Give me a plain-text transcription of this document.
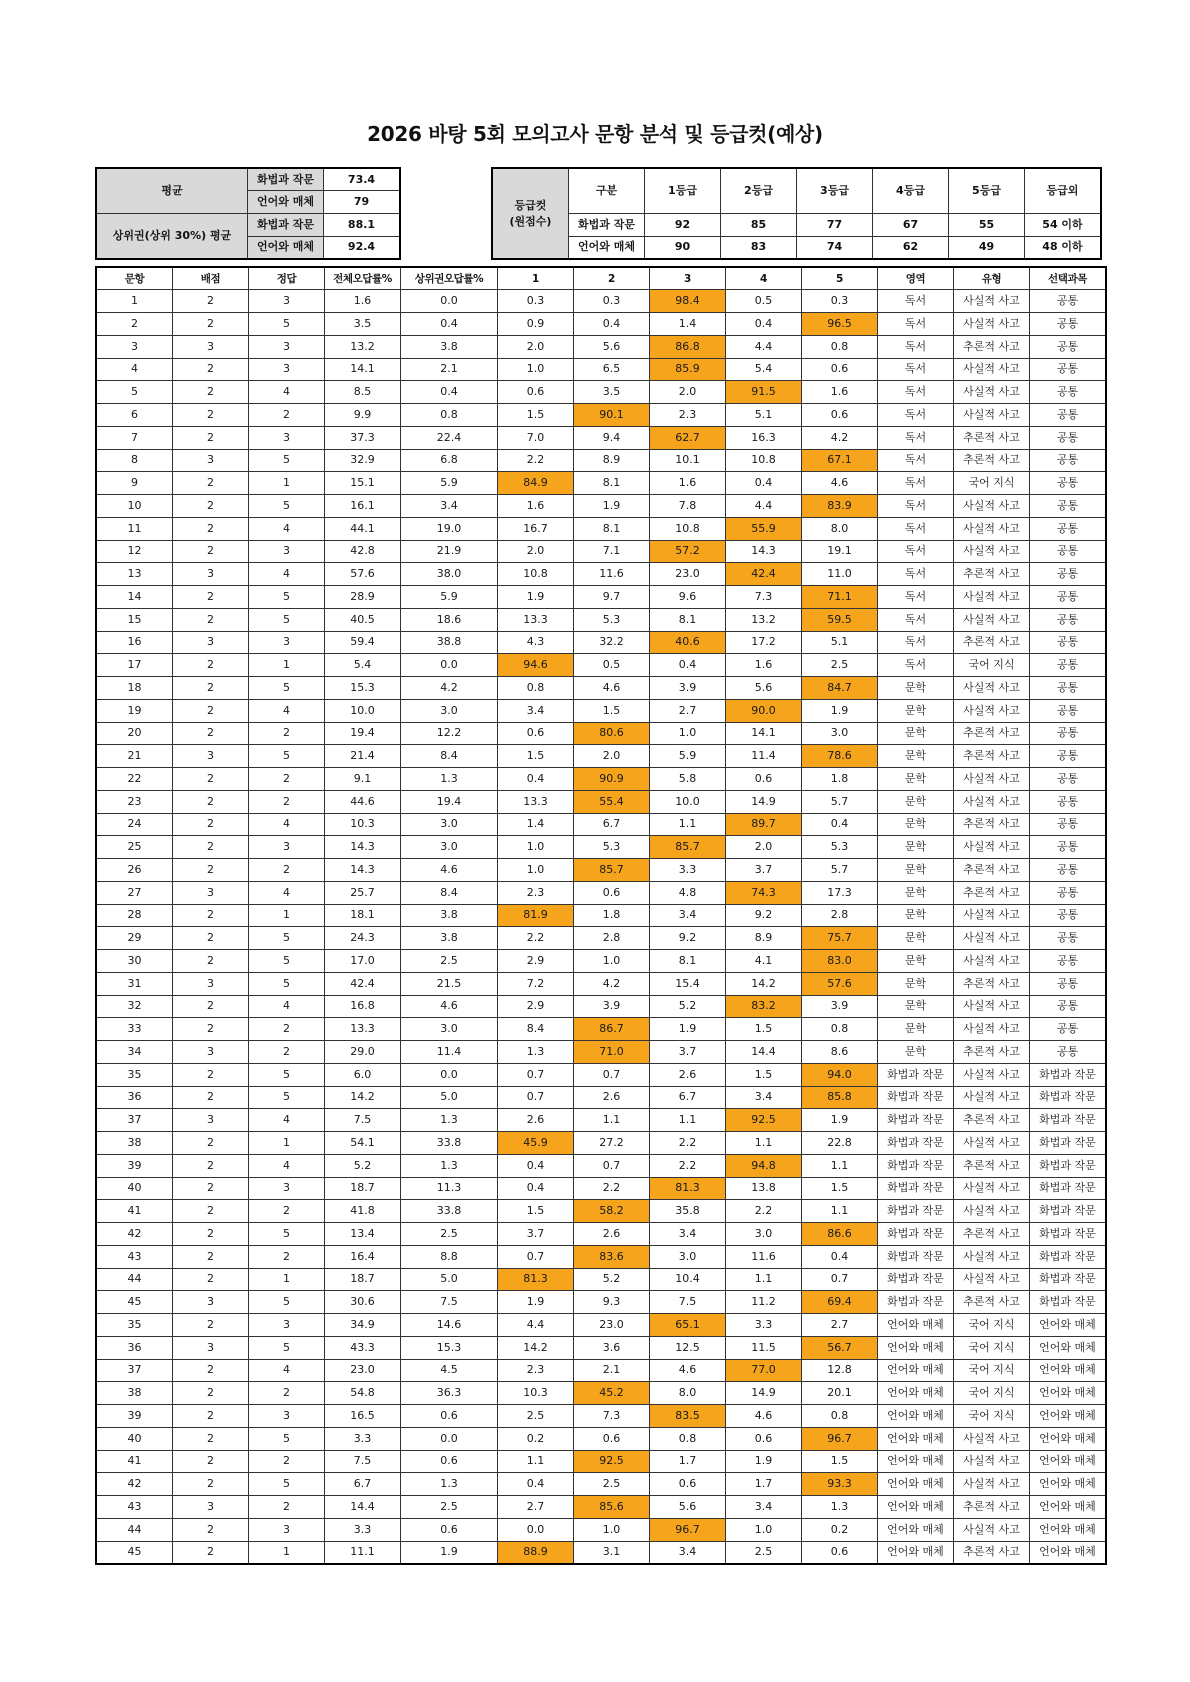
2026 바탕 5회 모의고사 문항 분석 및 등급컷(예상)
평균	화법과 작문	73.4
	언어와 매체	79
상위권(상위 30%) 평균	화법과 작문	88.1
	언어와 매체	92.4
등급컷
(원점수)	구분	1등급	2등급	3등급	4등급	5등급	등급외
	화법과 작문	92	85	77	67	55	54 이하
	언어와 매체	90	83	74	62	49	48 이하
문항	배점	정답	전체오답률%	상위권오답률%	1	2	3	4	5	영역	유형	선택과목
1	2	3	1.6	0.0	0.3	0.3	98.4	0.5	0.3	독서	사실적 사고	공통
2	2	5	3.5	0.4	0.9	0.4	1.4	0.4	96.5	독서	사실적 사고	공통
3	3	3	13.2	3.8	2.0	5.6	86.8	4.4	0.8	독서	추론적 사고	공통
4	2	3	14.1	2.1	1.0	6.5	85.9	5.4	0.6	독서	사실적 사고	공통
5	2	4	8.5	0.4	0.6	3.5	2.0	91.5	1.6	독서	사실적 사고	공통
6	2	2	9.9	0.8	1.5	90.1	2.3	5.1	0.6	독서	사실적 사고	공통
7	2	3	37.3	22.4	7.0	9.4	62.7	16.3	4.2	독서	추론적 사고	공통
8	3	5	32.9	6.8	2.2	8.9	10.1	10.8	67.1	독서	추론적 사고	공통
9	2	1	15.1	5.9	84.9	8.1	1.6	0.4	4.6	독서	국어 지식	공통
10	2	5	16.1	3.4	1.6	1.9	7.8	4.4	83.9	독서	사실적 사고	공통
11	2	4	44.1	19.0	16.7	8.1	10.8	55.9	8.0	독서	사실적 사고	공통
12	2	3	42.8	21.9	2.0	7.1	57.2	14.3	19.1	독서	사실적 사고	공통
13	3	4	57.6	38.0	10.8	11.6	23.0	42.4	11.0	독서	추론적 사고	공통
14	2	5	28.9	5.9	1.9	9.7	9.6	7.3	71.1	독서	사실적 사고	공통
15	2	5	40.5	18.6	13.3	5.3	8.1	13.2	59.5	독서	사실적 사고	공통
16	3	3	59.4	38.8	4.3	32.2	40.6	17.2	5.1	독서	추론적 사고	공통
17	2	1	5.4	0.0	94.6	0.5	0.4	1.6	2.5	독서	국어 지식	공통
18	2	5	15.3	4.2	0.8	4.6	3.9	5.6	84.7	문학	사실적 사고	공통
19	2	4	10.0	3.0	3.4	1.5	2.7	90.0	1.9	문학	사실적 사고	공통
20	2	2	19.4	12.2	0.6	80.6	1.0	14.1	3.0	문학	추론적 사고	공통
21	3	5	21.4	8.4	1.5	2.0	5.9	11.4	78.6	문학	추론적 사고	공통
22	2	2	9.1	1.3	0.4	90.9	5.8	0.6	1.8	문학	사실적 사고	공통
23	2	2	44.6	19.4	13.3	55.4	10.0	14.9	5.7	문학	사실적 사고	공통
24	2	4	10.3	3.0	1.4	6.7	1.1	89.7	0.4	문학	추론적 사고	공통
25	2	3	14.3	3.0	1.0	5.3	85.7	2.0	5.3	문학	사실적 사고	공통
26	2	2	14.3	4.6	1.0	85.7	3.3	3.7	5.7	문학	추론적 사고	공통
27	3	4	25.7	8.4	2.3	0.6	4.8	74.3	17.3	문학	추론적 사고	공통
28	2	1	18.1	3.8	81.9	1.8	3.4	9.2	2.8	문학	사실적 사고	공통
29	2	5	24.3	3.8	2.2	2.8	9.2	8.9	75.7	문학	사실적 사고	공통
30	2	5	17.0	2.5	2.9	1.0	8.1	4.1	83.0	문학	사실적 사고	공통
31	3	5	42.4	21.5	7.2	4.2	15.4	14.2	57.6	문학	추론적 사고	공통
32	2	4	16.8	4.6	2.9	3.9	5.2	83.2	3.9	문학	사실적 사고	공통
33	2	2	13.3	3.0	8.4	86.7	1.9	1.5	0.8	문학	사실적 사고	공통
34	3	2	29.0	11.4	1.3	71.0	3.7	14.4	8.6	문학	추론적 사고	공통
35	2	5	6.0	0.0	0.7	0.7	2.6	1.5	94.0	화법과 작문	사실적 사고	화법과 작문
36	2	5	14.2	5.0	0.7	2.6	6.7	3.4	85.8	화법과 작문	사실적 사고	화법과 작문
37	3	4	7.5	1.3	2.6	1.1	1.1	92.5	1.9	화법과 작문	추론적 사고	화법과 작문
38	2	1	54.1	33.8	45.9	27.2	2.2	1.1	22.8	화법과 작문	사실적 사고	화법과 작문
39	2	4	5.2	1.3	0.4	0.7	2.2	94.8	1.1	화법과 작문	추론적 사고	화법과 작문
40	2	3	18.7	11.3	0.4	2.2	81.3	13.8	1.5	화법과 작문	사실적 사고	화법과 작문
41	2	2	41.8	33.8	1.5	58.2	35.8	2.2	1.1	화법과 작문	사실적 사고	화법과 작문
42	2	5	13.4	2.5	3.7	2.6	3.4	3.0	86.6	화법과 작문	추론적 사고	화법과 작문
43	2	2	16.4	8.8	0.7	83.6	3.0	11.6	0.4	화법과 작문	사실적 사고	화법과 작문
44	2	1	18.7	5.0	81.3	5.2	10.4	1.1	0.7	화법과 작문	사실적 사고	화법과 작문
45	3	5	30.6	7.5	1.9	9.3	7.5	11.2	69.4	화법과 작문	추론적 사고	화법과 작문
35	2	3	34.9	14.6	4.4	23.0	65.1	3.3	2.7	언어와 매체	국어 지식	언어와 매체
36	3	5	43.3	15.3	14.2	3.6	12.5	11.5	56.7	언어와 매체	국어 지식	언어와 매체
37	2	4	23.0	4.5	2.3	2.1	4.6	77.0	12.8	언어와 매체	국어 지식	언어와 매체
38	2	2	54.8	36.3	10.3	45.2	8.0	14.9	20.1	언어와 매체	국어 지식	언어와 매체
39	2	3	16.5	0.6	2.5	7.3	83.5	4.6	0.8	언어와 매체	국어 지식	언어와 매체
40	2	5	3.3	0.0	0.2	0.6	0.8	0.6	96.7	언어와 매체	사실적 사고	언어와 매체
41	2	2	7.5	0.6	1.1	92.5	1.7	1.9	1.5	언어와 매체	사실적 사고	언어와 매체
42	2	5	6.7	1.3	0.4	2.5	0.6	1.7	93.3	언어와 매체	사실적 사고	언어와 매체
43	3	2	14.4	2.5	2.7	85.6	5.6	3.4	1.3	언어와 매체	추론적 사고	언어와 매체
44	2	3	3.3	0.6	0.0	1.0	96.7	1.0	0.2	언어와 매체	사실적 사고	언어와 매체
45	2	1	11.1	1.9	88.9	3.1	3.4	2.5	0.6	언어와 매체	추론적 사고	언어와 매체
